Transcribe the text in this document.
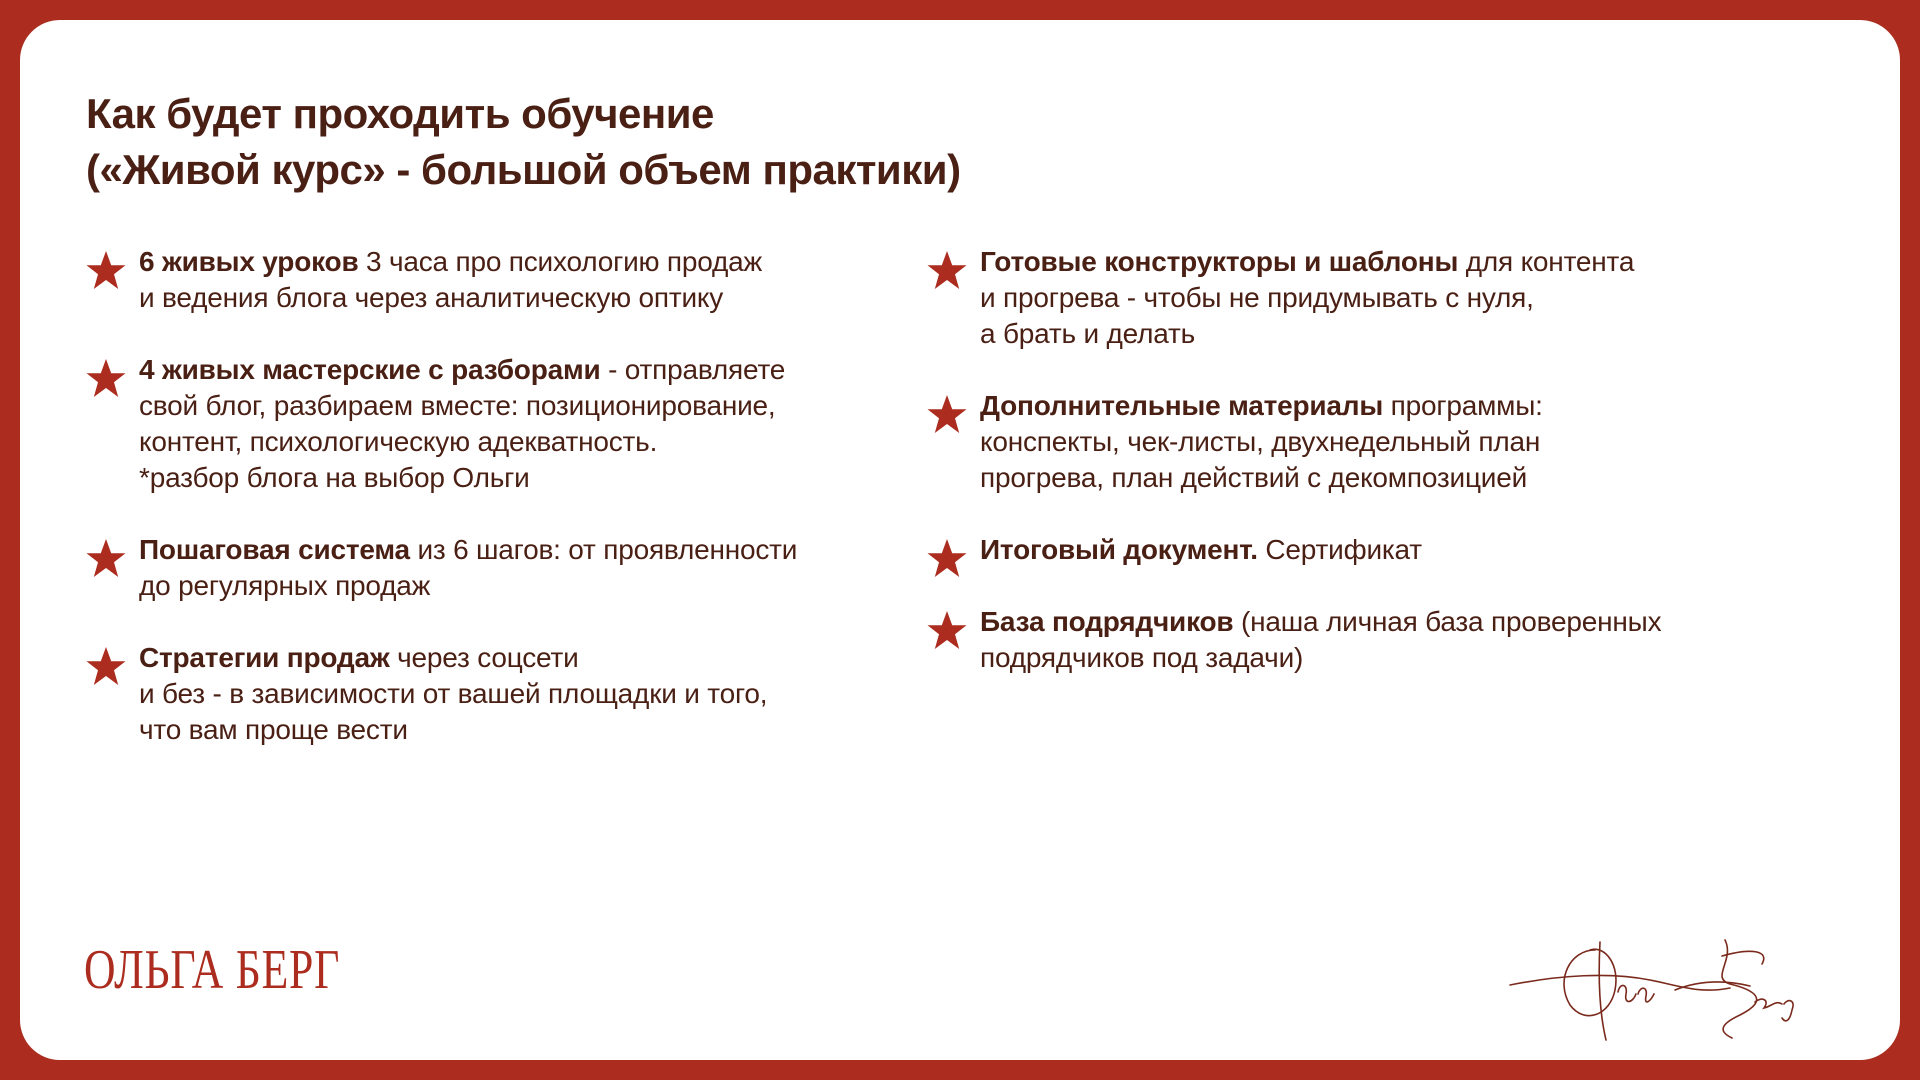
Как будет проходить обучение
(«Живой курс» - большой объем практики)
6 живых уроков 3 часа про психологию продаж
и ведения блога через аналитическую оптику
4 живых мастерские с разборами - отправляете
свой блог, разбираем вместе: позиционирование,
контент, психологическую адекватность.
*разбор блога на выбор Ольги
Пошаговая система из 6 шагов: от проявленности
до регулярных продаж
Стратегии продаж через соцсети
и без - в зависимости от вашей площадки и того,
что вам проще вести
Готовые конструкторы и шаблоны для контента
и прогрева - чтобы не придумывать с нуля,
а брать и делать
Дополнительные материалы программы:
конспекты, чек-листы, двухнедельный план
прогрева, план действий с декомпозицией
Итоговый документ. Сертификат
База подрядчиков (наша личная база проверенных
подрядчиков под задачи)
ОЛЬГА БЕРГ
